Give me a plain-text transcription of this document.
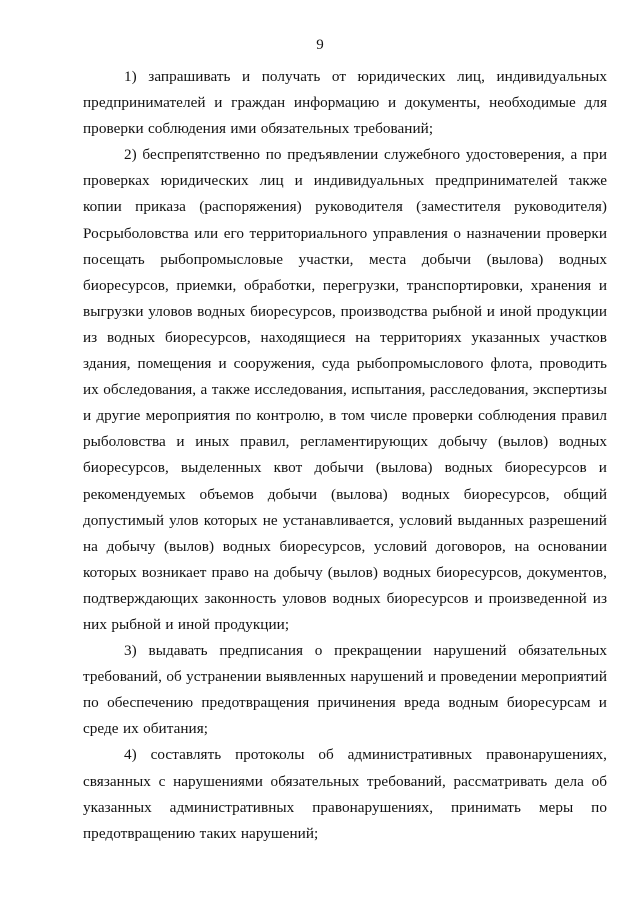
9

1) запрашивать и получать от юридических лиц, индивидуальных предпринимателей и граждан информацию и документы, необходимые для проверки соблюдения ими обязательных требований;

2) беспрепятственно по предъявлении служебного удостоверения, а при проверках юридических лиц и индивидуальных предпринимателей также копии приказа (распоряжения) руководителя (заместителя руководителя) Росрыболовства или его территориального управления о назначении проверки посещать рыбопромысловые участки, места добычи (вылова) водных биоресурсов, приемки, обработки, перегрузки, транспортировки, хранения и выгрузки уловов водных биоресурсов, производства рыбной и иной продукции из водных биоресурсов, находящиеся на территориях указанных участков здания, помещения и сооружения, суда рыбопромыслового флота, проводить их обследования, а также исследования, испытания, расследования, экспертизы и другие мероприятия по контролю, в том числе проверки соблюдения правил рыболовства и иных правил, регламентирующих добычу (вылов) водных биоресурсов, выделенных квот добычи (вылова) водных биоресурсов и рекомендуемых объемов добычи (вылова) водных биоресурсов, общий допустимый улов которых не устанавливается, условий выданных разрешений на добычу (вылов) водных биоресурсов, условий договоров, на основании которых возникает право на добычу (вылов) водных биоресурсов, документов, подтверждающих законность уловов водных биоресурсов и произведенной из них рыбной и иной продукции;

3) выдавать предписания о прекращении нарушений обязательных требований, об устранении выявленных нарушений и проведении мероприятий по обеспечению предотвращения причинения вреда водным биоресурсам и среде их обитания;

4) составлять протоколы об административных правонарушениях, связанных с нарушениями обязательных требований, рассматривать дела об указанных административных правонарушениях, принимать меры по предотвращению таких нарушений;
